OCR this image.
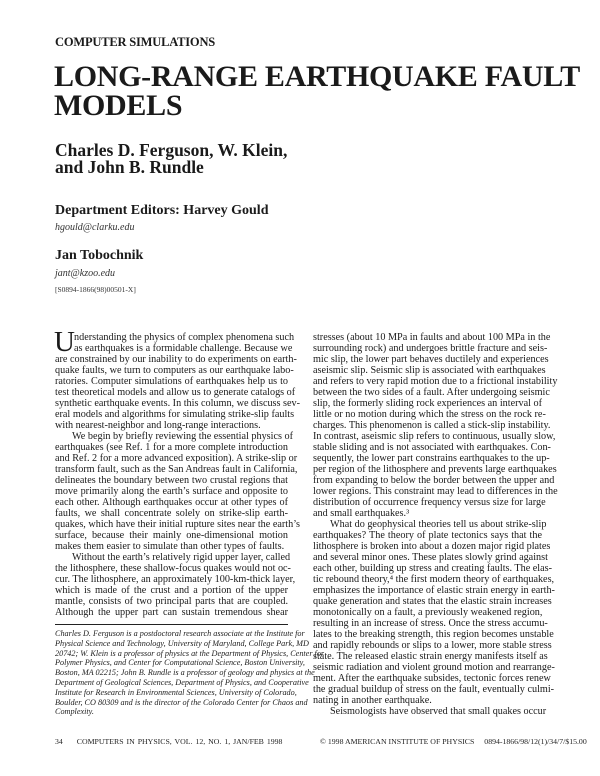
COMPUTER SIMULATIONS
LONG-RANGE EARTHQUAKE FAULT
MODELS
Charles D. Ferguson, W. Klein,
and John B. Rundle
Department Editors: Harvey Gould
hgould@clarku.edu
Jan Tobochnik
jant@kzoo.edu
[S0894-1866(98)00501-X]
U nderstanding the physics of complex phenomena such
as earthquakes is a formidable challenge. Because we
are constrained by our inability to do experiments on earth-
quake faults, we turn to computers as our earthquake labo-
ratories. Computer simulations of earthquakes help us to
test theoretical models and allow us to generate catalogs of
synthetic earthquake events. In this column, we discuss sev-
eral models and algorithms for simulating strike-slip faults
with nearest-neighbor and long-range interactions.
We begin by briefly reviewing the essential physics of
earthquakes (see Ref. 1 for a more complete introduction
and Ref. 2 for a more advanced exposition). A strike-slip or
transform fault, such as the San Andreas fault in California,
delineates the boundary between two crustal regions that
move primarily along the earth’s surface and opposite to
each other. Although earthquakes occur at other types of
faults, we shall concentrate solely on strike-slip earth-
quakes, which have their initial rupture sites near the earth’s
surface, because their mainly one-dimensional motion
makes them easier to simulate than other types of faults.
Without the earth’s relatively rigid upper layer, called
the lithosphere, these shallow-focus quakes would not oc-
cur. The lithosphere, an approximately 100-km-thick layer,
which is made of the crust and a portion of the upper
mantle, consists of two principal parts that are coupled.
Although the upper part can sustain tremendous shear
stresses (about 10 MPa in faults and about 100 MPa in the
surrounding rock) and undergoes brittle fracture and seis-
mic slip, the lower part behaves ductilely and experiences
aseismic slip. Seismic slip is associated with earthquakes
and refers to very rapid motion due to a frictional instability
between the two sides of a fault. After undergoing seismic
slip, the formerly sliding rock experiences an interval of
little or no motion during which the stress on the rock re-
charges. This phenomenon is called a stick-slip instability.
In contrast, aseismic slip refers to continuous, usually slow,
stable sliding and is not associated with earthquakes. Con-
sequently, the lower part constrains earthquakes to the up-
per region of the lithosphere and prevents large earthquakes
from expanding to below the border between the upper and
lower regions. This constraint may lead to differences in the
distribution of occurrence frequency versus size for large
and small earthquakes.³
What do geophysical theories tell us about strike-slip
earthquakes? The theory of plate tectonics says that the
lithosphere is broken into about a dozen major rigid plates
and several minor ones. These plates slowly grind against
each other, building up stress and creating faults. The elas-
tic rebound theory,⁴ the first modern theory of earthquakes,
emphasizes the importance of elastic strain energy in earth-
quake generation and states that the elastic strain increases
monotonically on a fault, a previously weakened region,
resulting in an increase of stress. Once the stress accumu-
lates to the breaking strength, this region becomes unstable
and rapidly rebounds or slips to a lower, more stable stress
state. The released elastic strain energy manifests itself as
seismic radiation and violent ground motion and rearrange-
ment. After the earthquake subsides, tectonic forces renew
the gradual buildup of stress on the fault, eventually culmi-
nating in another earthquake.
Seismologists have observed that small quakes occur
Charles D. Ferguson is a postdoctoral research associate at the Institute for
Physical Science and Technology, University of Maryland, College Park, MD
20742; W. Klein is a professor of physics at the Department of Physics, Center for
Polymer Physics, and Center for Computational Science, Boston University,
Boston, MA 02215; John B. Rundle is a professor of geology and physics at the
Department of Geological Sciences, Department of Physics, and Cooperative
Institute for Research in Environmental Sciences, University of Colorado,
Boulder, CO 80309 and is the director of the Colorado Center for Chaos and
Complexity.
34 COMPUTERS IN PHYSICS, VOL. 12, NO. 1, JAN/FEB 1998	© 1998 AMERICAN INSTITUTE OF PHYSICS 0894-1866/98/12(1)/34/7/$15.00
